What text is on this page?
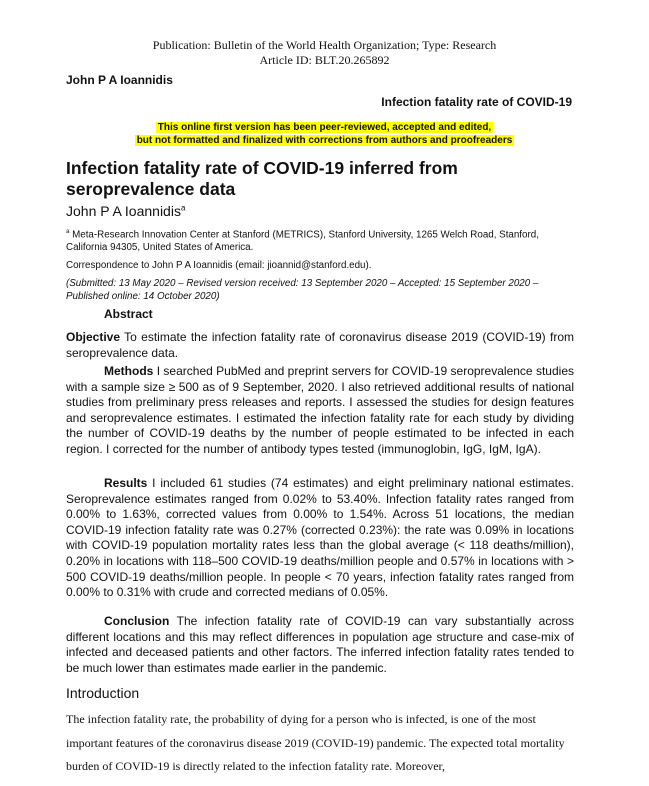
Publication: Bulletin of the World Health Organization; Type: Research
Article ID: BLT.20.265892
John P A Ioannidis
Infection fatality rate of COVID-19
This online first version has been peer-reviewed, accepted and edited,
but not formatted and finalized with corrections from authors and proofreaders
Infection fatality rate of COVID-19 inferred from seroprevalence data
John P A Ioannidis$^a$
$^a$ Meta-Research Innovation Center at Stanford (METRICS), Stanford University, 1265 Welch Road, Stanford, California 94305, United States of America.
Correspondence to John P A Ioannidis (email: jioannid@stanford.edu).
(Submitted: 13 May 2020 – Revised version received: 13 September 2020 – Accepted: 15 September 2020 – Published online: 14 October 2020)
Abstract

Objective To estimate the infection fatality rate of coronavirus disease 2019 (COVID-19) from seroprevalence data.

Methods I searched PubMed and preprint servers for COVID-19 seroprevalence studies with a sample size ≥ 500 as of 9 September, 2020. I also retrieved additional results of national studies from preliminary press releases and reports. I assessed the studies for design features and seroprevalence estimates. I estimated the infection fatality rate for each study by dividing the number of COVID-19 deaths by the number of people estimated to be infected in each region. I corrected for the number of antibody types tested (immunoglobin, IgG, IgM, IgA).

Results I included 61 studies (74 estimates) and eight preliminary national estimates. Seroprevalence estimates ranged from 0.02% to 53.40%. Infection fatality rates ranged from 0.00% to 1.63%, corrected values from 0.00% to 1.54%. Across 51 locations, the median COVID-19 infection fatality rate was 0.27% (corrected 0.23%): the rate was 0.09% in locations with COVID-19 population mortality rates less than the global average (< 118 deaths/million), 0.20% in locations with 118–500 COVID-19 deaths/million people and 0.57% in locations with > 500 COVID-19 deaths/million people. In people < 70 years, infection fatality rates ranged from 0.00% to 0.31% with crude and corrected medians of 0.05%.

Conclusion The infection fatality rate of COVID-19 can vary substantially across different locations and this may reflect differences in population age structure and case-mix of infected and deceased patients and other factors. The inferred infection fatality rates tended to be much lower than estimates made earlier in the pandemic.

Introduction

The infection fatality rate, the probability of dying for a person who is infected, is one of the most important features of the coronavirus disease 2019 (COVID-19) pandemic. The expected total mortality burden of COVID-19 is directly related to the infection fatality rate. Moreover,
